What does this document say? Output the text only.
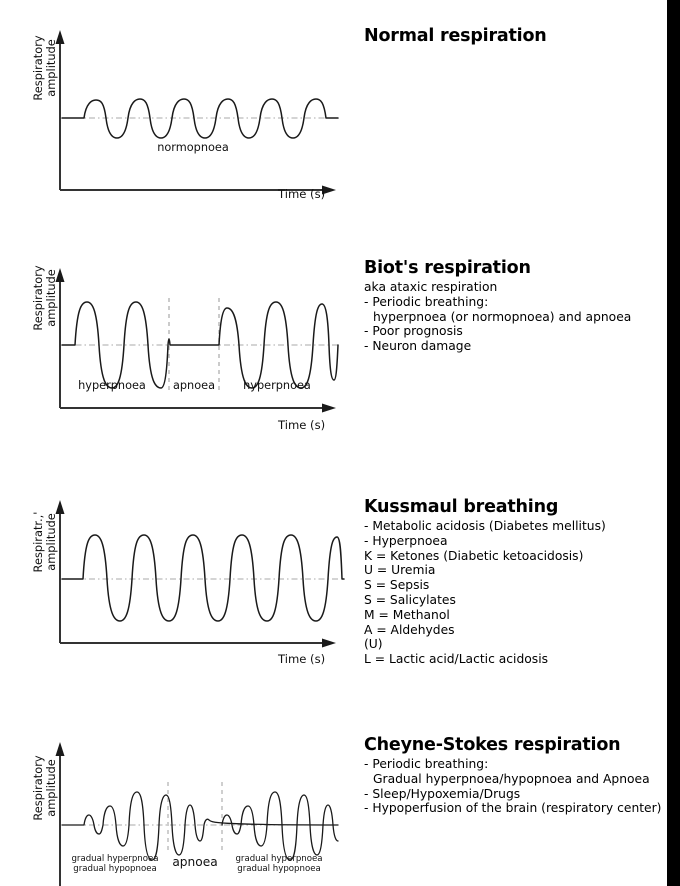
Respiratory
amplitude
Time (s)
normopnoea
Normal respiration
Respiratory
amplitude
Time (s)
hyperpnoea	apnoea	hyperpnoea
Biot's respiration

aka ataxic respiration

- Periodic breathing:
hyperpnoea (or normopnoea) and apnoea
- Poor prognosis
- Neuron damage
Respiratr.,'
amplitude
Time (s)
Kussmaul breathing
- Metabolic acidosis (Diabetes mellitus)
- Hyperpnoea
K = Ketones (Diabetic ketoacidosis)
U = Uremia
S = Sepsis
S = Salicylates
M = Methanol
A = Aldehydes
(U)
L = Lactic acid/Lactic acidosis
Respiratory
amplitude
gradual hyperpnoea
gradual hypopnoea
apnoea	gradual hyperpnoea
gradual hypopnoea
Cheyne-Stokes respiration
- Periodic breathing:
Gradual hyperpnoea/hypopnoea and Apnoea
- Sleep/Hypoxemia/Drugs
- Hypoperfusion of the brain (respiratory center)
